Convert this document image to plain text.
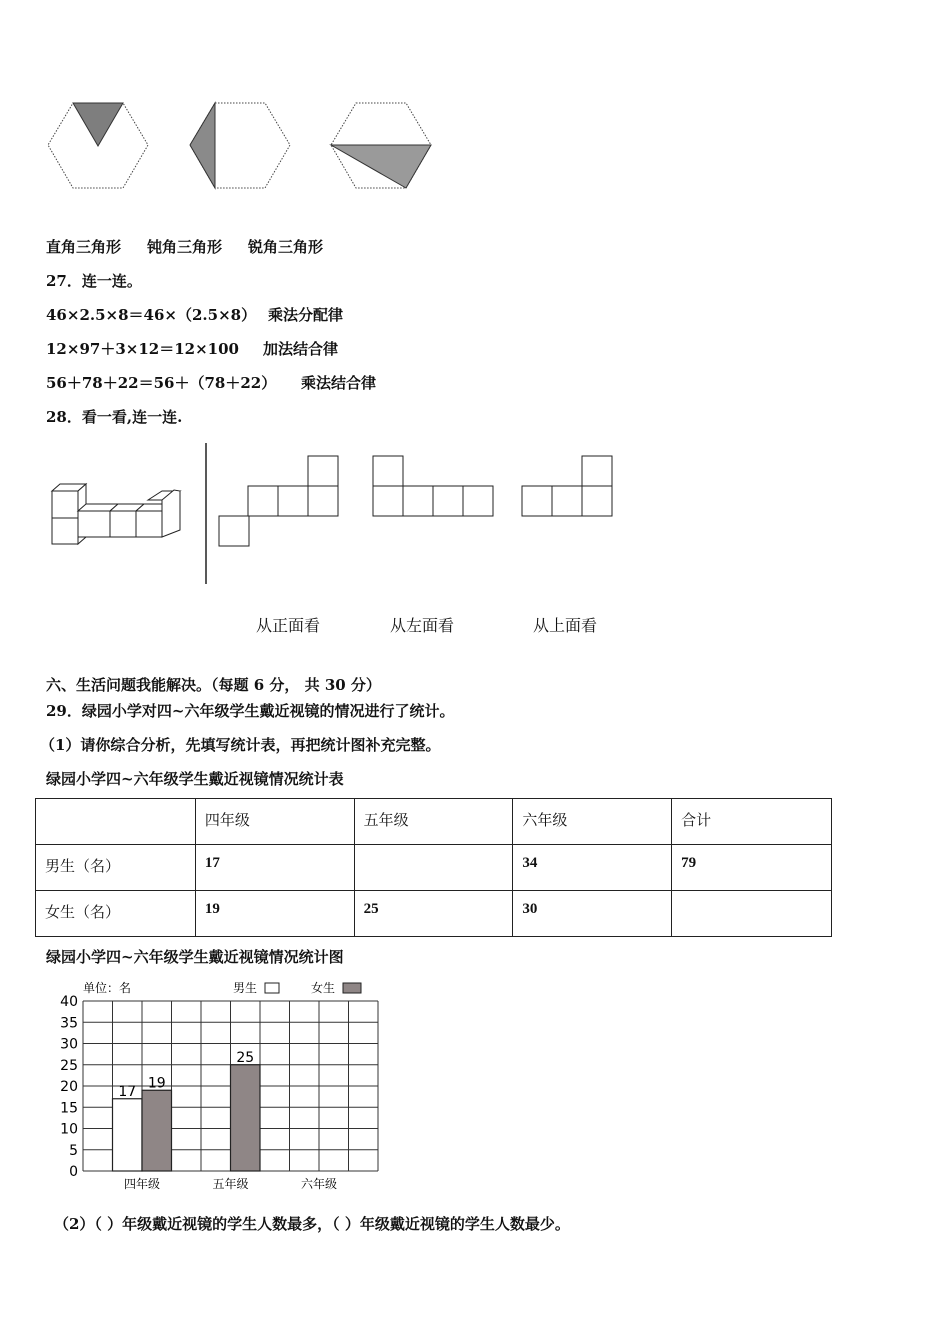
直角三角形 钝角三角形 锐角三角形
27．连一连。
46×2.5×8＝46×（2.5×8） 乘法分配律
12×97＋3×12＝12×100 加法结合律
56＋78＋22＝56＋（78＋22） 乘法结合律
28．看一看,连一连.
从正面看	从左面看	从上面看
六、生活问题我能解决。（每题 6 分， 共 30 分）
29．绿园小学对四~六年级学生戴近视镜的情况进行了统计。
（1）请你综合分析，先填写统计表，再把统计图补充完整。
绿园小学四~六年级学生戴近视镜情况统计表
	四年级	五年级	六年级	合计
男生（名）	17		34	79
女生（名）	19	25	30	
绿园小学四~六年级学生戴近视镜情况统计图
单位：名	男生	女生
40
35
30
25
20
15
10
5
0
17
19
25
四年级	五年级	六年级
（2）（ ）年级戴近视镜的学生人数最多，（ ）年级戴近视镜的学生人数最少。
